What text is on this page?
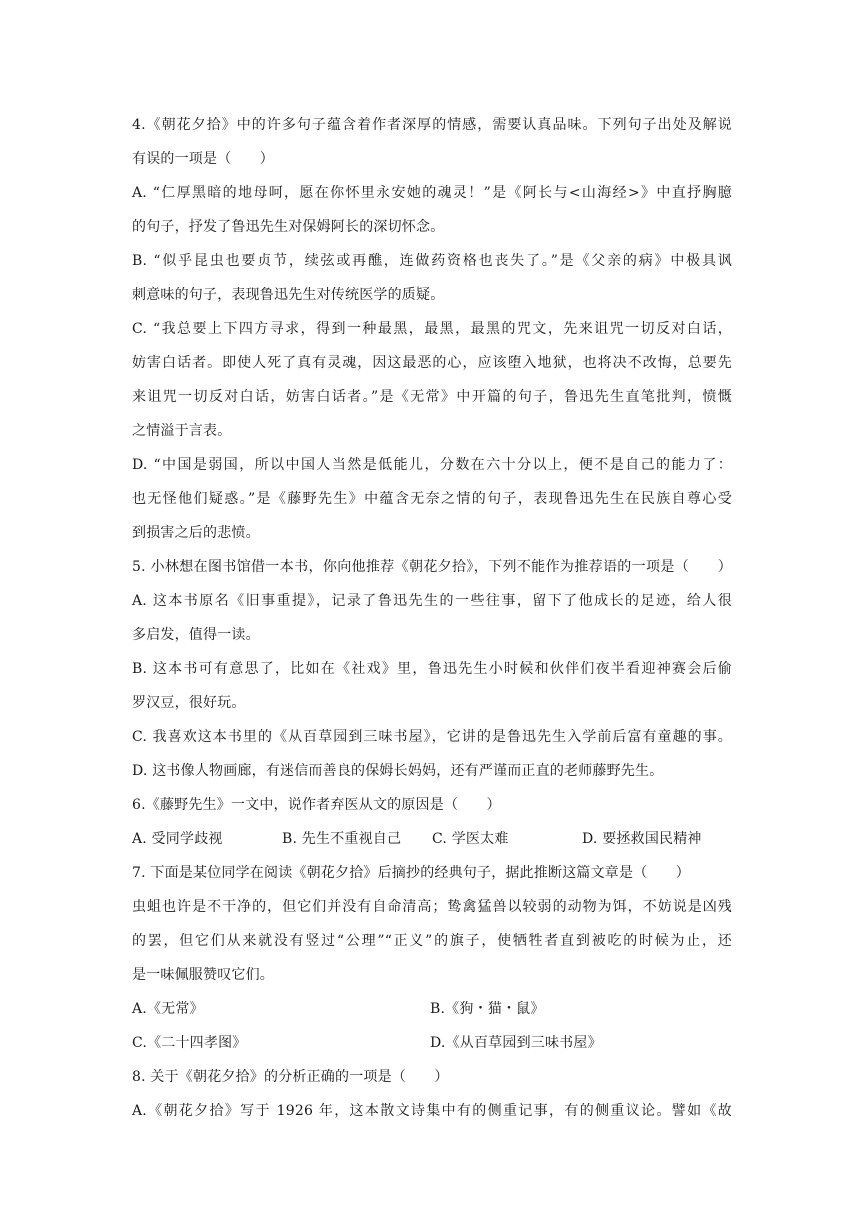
4.《朝花夕拾》中的许多句子蕴含着作者深厚的情感，需要认真品味。下列句子出处及解说
有误的一项是（　　）
A. “仁厚黑暗的地母呵，愿在你怀里永安她的魂灵！”是《阿长与<山海经>》中直抒胸臆
的句子，抒发了鲁迅先生对保姆阿长的深切怀念。
B. “似乎昆虫也要贞节，续弦或再醮，连做药资格也丧失了。”是《父亲的病》中极具讽
刺意味的句子，表现鲁迅先生对传统医学的质疑。
C. “我总要上下四方寻求，得到一种最黑，最黑，最黑的咒文，先来诅咒一切反对白话，
妨害白话者。即使人死了真有灵魂，因这最恶的心，应该堕入地狱，也将决不改悔，总要先
来诅咒一切反对白话，妨害白话者。”是《无常》中开篇的句子，鲁迅先生直笔批判，愤慨
之情溢于言表。
D. “中国是弱国，所以中国人当然是低能儿，分数在六十分以上，便不是自己的能力了：
也无怪他们疑惑。”是《藤野先生》中蕴含无奈之情的句子，表现鲁迅先生在民族自尊心受
到损害之后的悲愤。
5. 小林想在图书馆借一本书，你向他推荐《朝花夕拾》，下列不能作为推荐语的一项是（　　）
A. 这本书原名《旧事重提》，记录了鲁迅先生的一些往事，留下了他成长的足迹，给人很
多启发，值得一读。
B. 这本书可有意思了，比如在《社戏》里，鲁迅先生小时候和伙伴们夜半看迎神赛会后偷
罗汉豆，很好玩。
C. 我喜欢这本书里的《从百草园到三味书屋》，它讲的是鲁迅先生入学前后富有童趣的事。
D. 这书像人物画廊，有迷信而善良的保姆长妈妈，还有严谨而正直的老师藤野先生。
6.《藤野先生》一文中，说作者弃医从文的原因是（　　）
A. 受同学歧视	B. 先生不重视自己	C. 学医太难	D. 要拯救国民精神
7. 下面是某位同学在阅读《朝花夕拾》后摘抄的经典句子，据此推断这篇文章是（　　）
虫蛆也许是不干净的，但它们并没有自命清高；鸷禽猛兽以较弱的动物为饵，不妨说是凶残
的罢，但它们从来就没有竖过“公理”“正义”的旗子，使牺牲者直到被吃的时候为止，还
是一味佩服赞叹它们。
A.《无常》	B.《狗・猫・鼠》
C.《二十四孝图》	D.《从百草园到三味书屋》
8. 关于《朝花夕拾》的分析正确的一项是（　　）
A.《朝花夕拾》写于 1926 年，这本散文诗集中有的侧重记事，有的侧重议论。譬如《故
